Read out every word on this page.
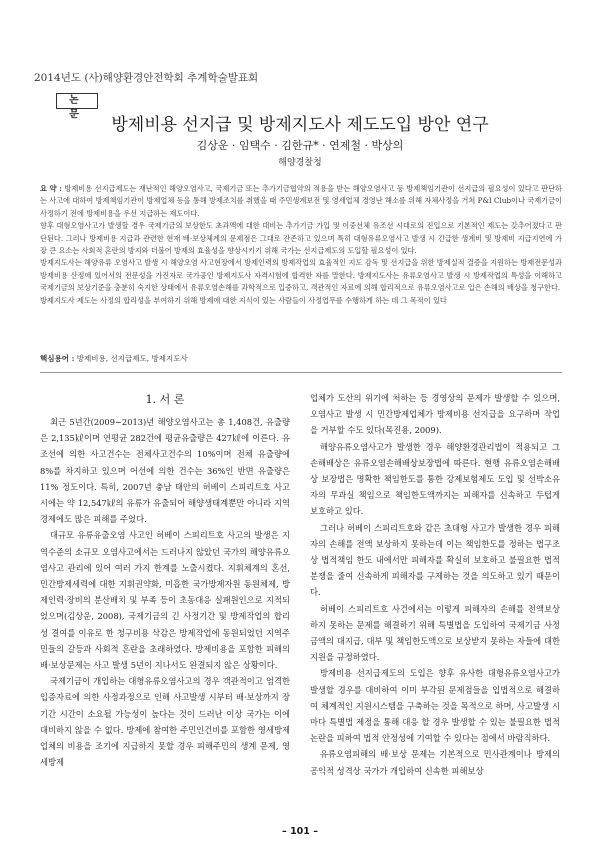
2014년도 (사)해양환경안전학회 추계학술발표회
논 문
방제비용 선지급 및 방제지도사 제도도입 방안 연구
김상운 · 임택수 · 김한규* · 연제철 · 박상의
해양경찰청

요 약 : 방제비용 선지급제도는 재난적인 해양오염사고, 국제기금 또는 추가기금협약의 적용을 받는 해양오염사고 등 방제책임기관이 선지급의 필요성이 있다고 판단하는 사고에 대하여 방제책임기관이 방제업체 등을 통해 방제조치를 취했을 때 주민생계보전 및 영세업체 경영난 해소를 위해 자체사정을 거쳐 P&I Club이나 국제기금이 사정하기 전에 방제비용을 우선 지급하는 제도이다.

향후 대형오염사고가 발생할 경우 국제기금의 보상한도 초과액에 대한 대비는 추가기금 가입 및 이중선체 유조선 시대로의 진입으로 기본적인 제도는 갖추어졌다고 판단된다. 그러나 방제비용 지급과 관련한 현재 배·보상체계의 문제점은 그대로 잔존하고 있으며 특히 대형유류오염사고 발생 시 긴급한 생계비 및 방제비 지급지연에 가장 큰 요소는 사회적 혼란의 방지와 더불어 방제의 효율성을 향상시키기 위해 국가는 선지급제도의 도입할 필요성이 있다.

방제지도사는 해양유류 오염사고 발생 시 해양오염 사고현장에서 방제인력의 방제작업의 효율적인 지도 감독 및 선지급을 위한 방제실적 결증을 지원하는 방제전문성과 방제비용 산정에 있어서의 전문성을 가진자로 국가공인 방제지도사 자격시험에 합격한 자를 말한다. 방제지도사는 유류오염사고 발생 시 방제작업의 특성을 이해하고 국제기금의 보상기준을 충분히 숙지한 상태에서 유류오염손해를 과학적으로 입증하고, 객관적인 자료에 의해 합리적으로 유류오염사고로 입은 손해의 배상을 청구한다.

방제지도사 제도는 사정의 합리성을 부여하기 위해 방제에 대한 지식이 있는 사람들이 사정업무를 수행하게 하는 데 그 목적이 있다

핵심용어 : 방제비용, 선지급제도, 방제지도사
1. 서 론

최근 5년간(2009∼2013)년 해양오염사고는 총 1,408건, 유출량은 2,135㎘이며 연평균 282건에 평균유출량은 427㎘에 이른다. 유조선에 의한 사고건수는 전체사고건수의 10%이며 전체 유출량에 8%를 차지하고 있으며 어선에 의한 건수는 36%인 반면 유출량은 11% 정도이다. 특히, 2007년 충남 태안의 허베이 스피리트호 사고 시에는 약 12,547㎘의 유류가 유출되어 해양생태계뿐만 아니라 지역경제에도 많은 피해를 주었다.

대규모 유류유출오염 사고인 허베이 스피리트호 사고의 발생은 지역수준의 소규모 오염사고에서는 드러나지 않았던 국가의 해양유류오염사고 관리에 있어 여러 가지 한계를 노출시켰다. 지휘체계의 혼선, 민간방제세력에 대한 지휘권약화, 미흡한 국가방제자원 동원체제, 방제인력·장비의 분산배치 및 부족 등이 초동대응 실패원인으로 지적되었으며(김상운, 2008), 국제기금의 긴 사정기간 및 방제작업의 합리성 결여를 이유로 한 청구비용 삭감은 방제작업에 동원되었던 지역주민들의 갈등과 사회적 혼란을 초래하였다. 방제비용을 포함한 피해의 배·보상문제는 사고 발생 5년이 지나서도 완결되지 않은 상황이다.

국제기금이 개입하는 대형유류오염사고의 경우 객관적이고 엄격한 입증자료에 의한 사정과정으로 인해 사고발생 시부터 배·보상까지 장기간 시간이 소요될 가능성이 높다는 것이 드러난 이상 국가는 이에 대비하지 않을 수 없다. 방제에 참여한 주민인건비를 포함한 영세방제업체의 비용을 조기에 지급하지 못할 경우 피해주민의 생계 문제, 영세방제

업체가 도산의 위기에 처하는 등 경영상의 문제가 발생할 수 있으며, 오염사고 발생 시 민간방제업체가 방제비용 선지급을 요구하며 작업을 거부할 수도 있다(목진용, 2009).

해양유류오염사고가 발생한 경우 해양환경관리법이 적용되고 그 손해배상은 유류오염손해배상보장법에 따른다. 현행 유류오염손해배상 보장법은 명확한 책임한도를 통한 강제보험제도 도입 및 선박소유자의 무과실 책임으로 책임한도액까지는 피해자를 신속하고 두텁게 보호하고 있다.

그러나 허베이 스피리트호와 같은 초대형 사고가 발생한 경우 피해자의 손해를 전액 보상하지 못하는데 이는 책임한도를 정하는 법구조상 법적책임 한도 내에서만 피해자를 확실히 보호하고 불필요한 법적 분쟁을 줄여 신속하게 피해자를 구제하는 것을 의도하고 있기 때문이다.

허베이 스피리트호 사건에서는 이렇게 피해자의 손해를 전액보상하지 못하는 문제를 해결하기 위해 특별법을 도입하여 국제기금 사정금액의 대지급, 대부 및 책임한도액으로 보상받지 못하는 자들에 대한 지원을 규정하였다.

방제비용 선지급제도의 도입은 향후 유사한 대형유류오염사고가 발생할 경우를 대비하여 이미 부각된 문제점들을 입법적으로 해결하여 체계적인 지원시스템을 구축하는 것을 목적으로 하며, 사고발생 시마다 특별법 제정을 통해 대응 할 경우 발생할 수 있는 불필요한 법적 논란을 피하여 법적 안정성에 기여할 수 있다는 점에서 바람직하다.

유류오염피해의 배·보상 문제는 기본적으로 민사관계이나 방제의 공익적 성격상 국가가 개입하여 신속한 피해보상

– 101 –
